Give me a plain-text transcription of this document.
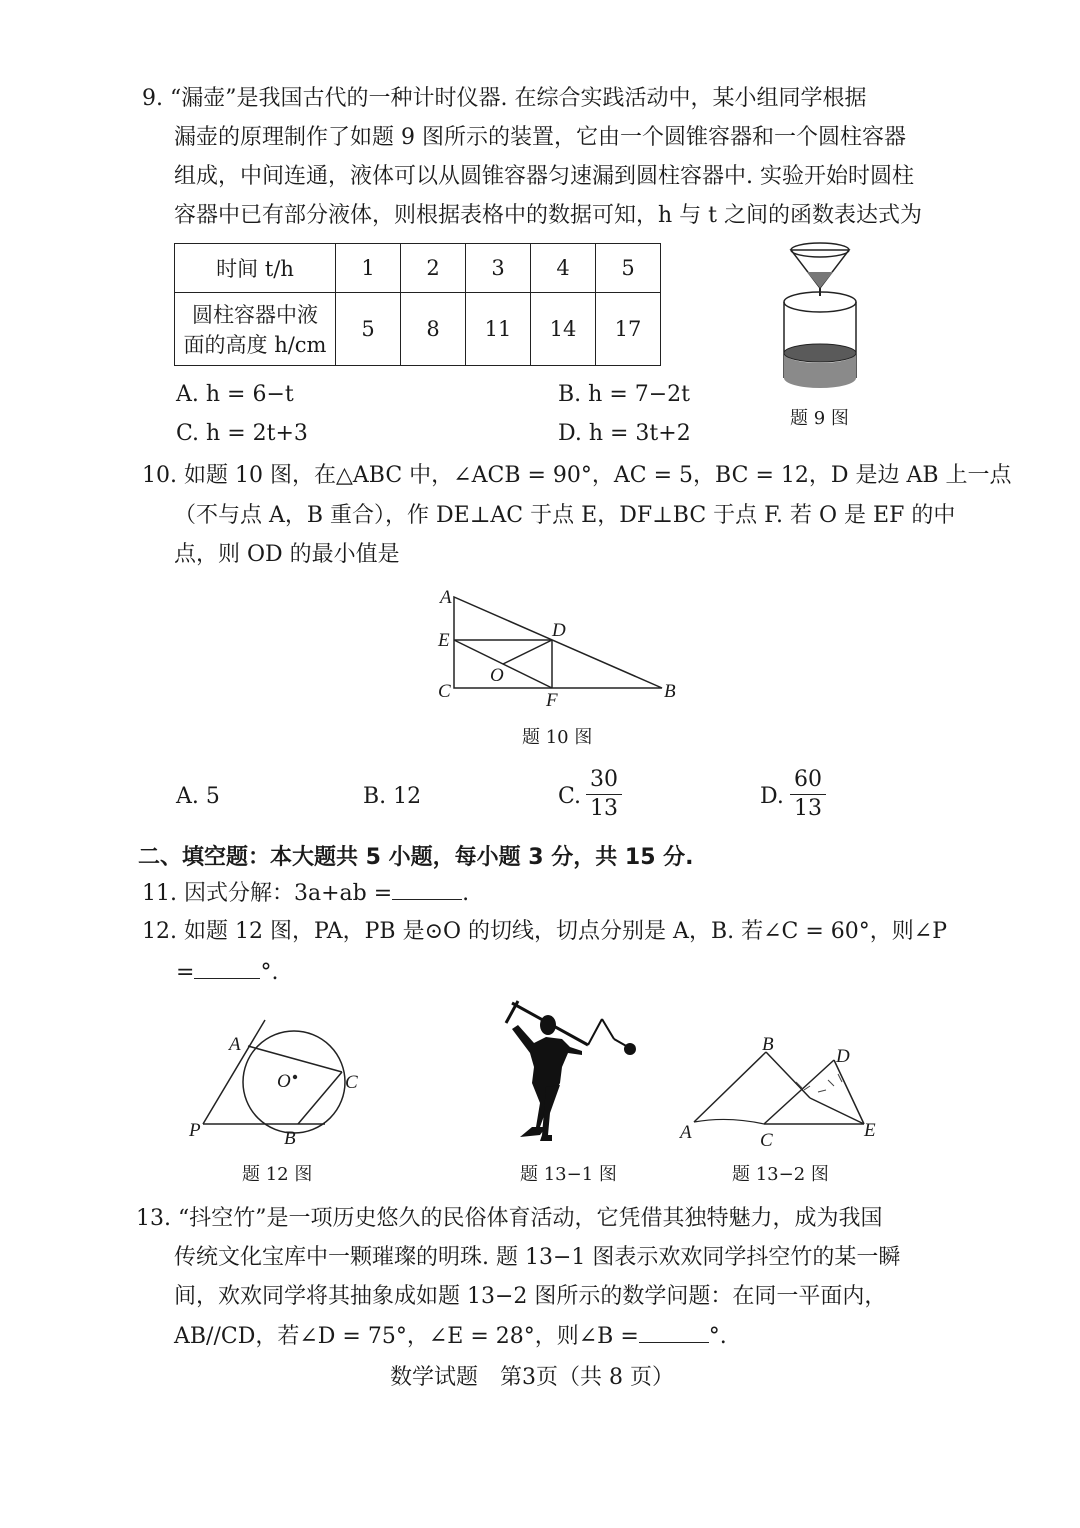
9. “漏壶”是我国古代的一种计时仪器. 在综合实践活动中，某小组同学根据
漏壶的原理制作了如题 9 图所示的装置，它由一个圆锥容器和一个圆柱容器
组成，中间连通，液体可以从圆锥容器匀速漏到圆柱容器中. 实验开始时圆柱
容器中已有部分液体，则根据表格中的数据可知，h 与 t 之间的函数表达式为
时间 t/h	1	2	3	4	5

圆柱容器中液
面的高度 h/cm	5	8	11	14	17
题 9 图
A. h = 6−t	B. h = 7−2t
C. h = 2t+3	D. h = 3t+2
10. 如题 10 图，在△ABC 中，∠ACB = 90°，AC = 5，BC = 12，D 是边 AB 上一点
（不与点 A，B 重合），作 DE⊥AC 于点 E，DF⊥BC 于点 F. 若 O 是 EF 的中
点，则 OD 的最小值是
A
E
C
D
F	B
O
题 10 图
A. 5	B. 12	C. $\frac{30}{13}$	D. $\frac{60}{13}$
二、填空题：本大题共 5 小题，每小题 3 分，共 15 分.
11. 因式分解：3a+ab =	.
12. 如题 12 图，PA，PB 是⊙O 的切线，切点分别是 A，B. 若∠C = 60°，则∠P
=	°.
A
O	C
P	B
题 12 图	题 13−1 图
B
D
A	C	E
题 13−2 图
13. “抖空竹”是一项历史悠久的民俗体育活动，它凭借其独特魅力，成为我国
传统文化宝库中一颗璀璨的明珠. 题 13−1 图表示欢欢同学抖空竹的某一瞬
间，欢欢同学将其抽象成如题 13−2 图所示的数学问题：在同一平面内，
AB//CD，若∠D = 75°，∠E = 28°，则∠B =	°.
数学试题　第3页（共 8 页）
